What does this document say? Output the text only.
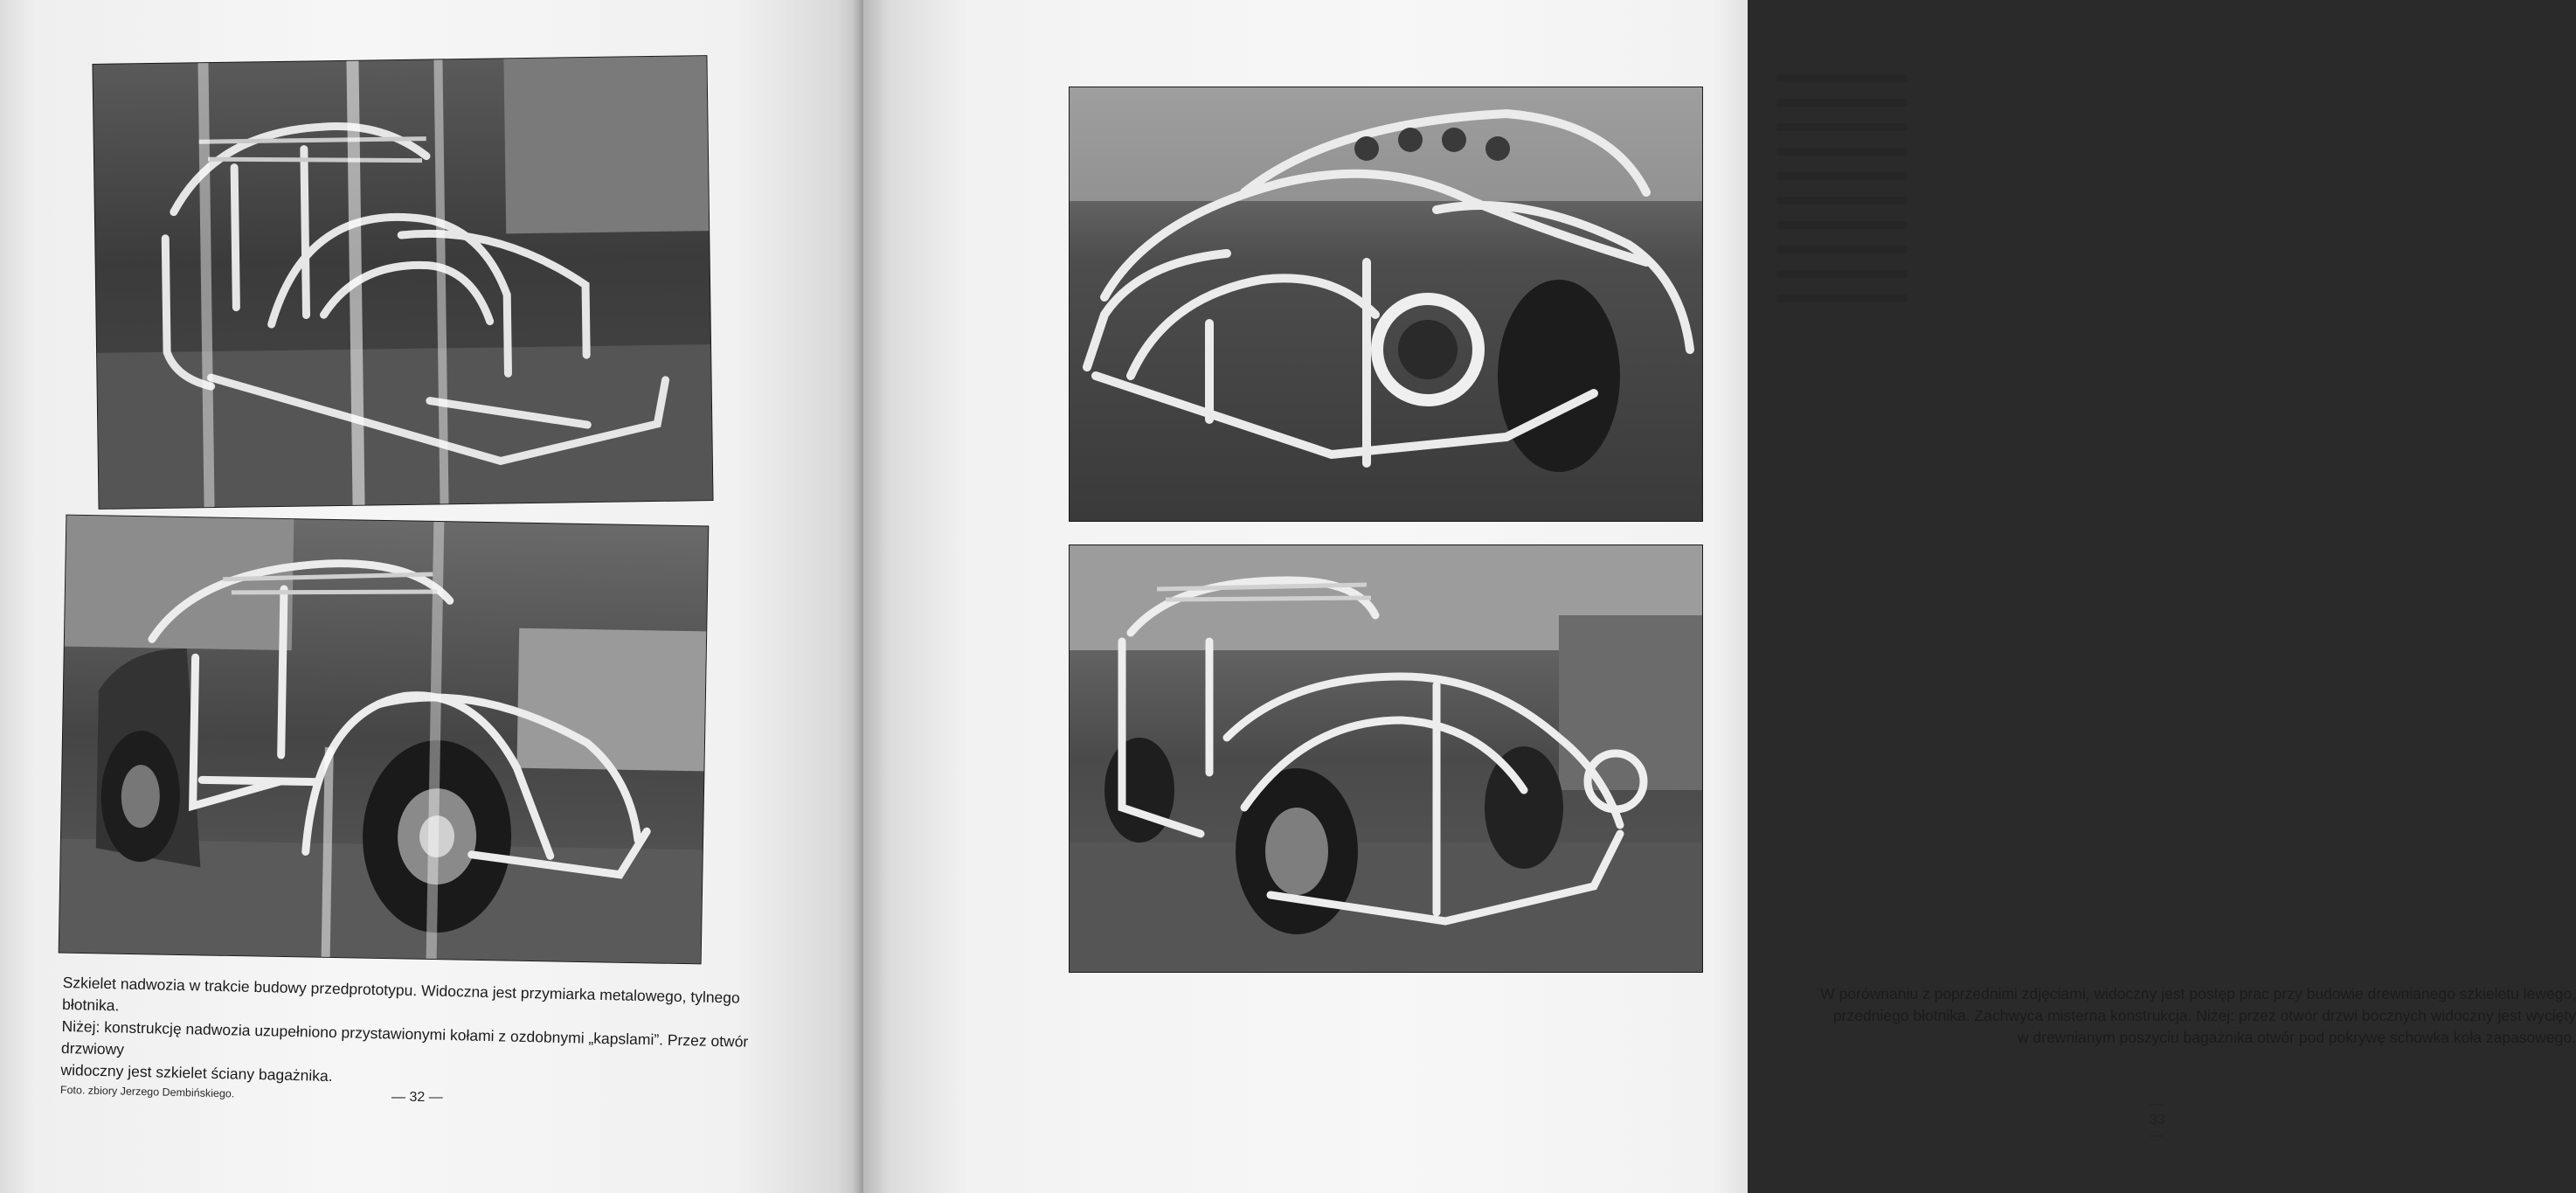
Szkielet nadwozia w trakcie budowy przedprototypu. Widoczna jest przymiarka metalowego, tylnego błotnika.

Niżej: konstrukcję nadwozia uzupełniono przystawionymi kołami z ozdobnymi „kapslami”. Przez otwór drzwiowy

widoczny jest szkielet ściany bagażnika.

Foto. zbiory Jerzego Dembińskiego.	— 32 —

W porównaniu z poprzednimi zdjęciami, widoczny jest postęp prac przy budowie drewnianego szkieletu lewego,

przedniego błotnika. Zachwyca misterna konstrukcja. Niżej: przez otwór drzwi bocznych widoczny jest wycięty

w drewnianym poszyciu bagażnika otwór pod pokrywę schowka koła zapasowego.

Foto. zbiory Jerzego Dembińskiego.

— 33 —
